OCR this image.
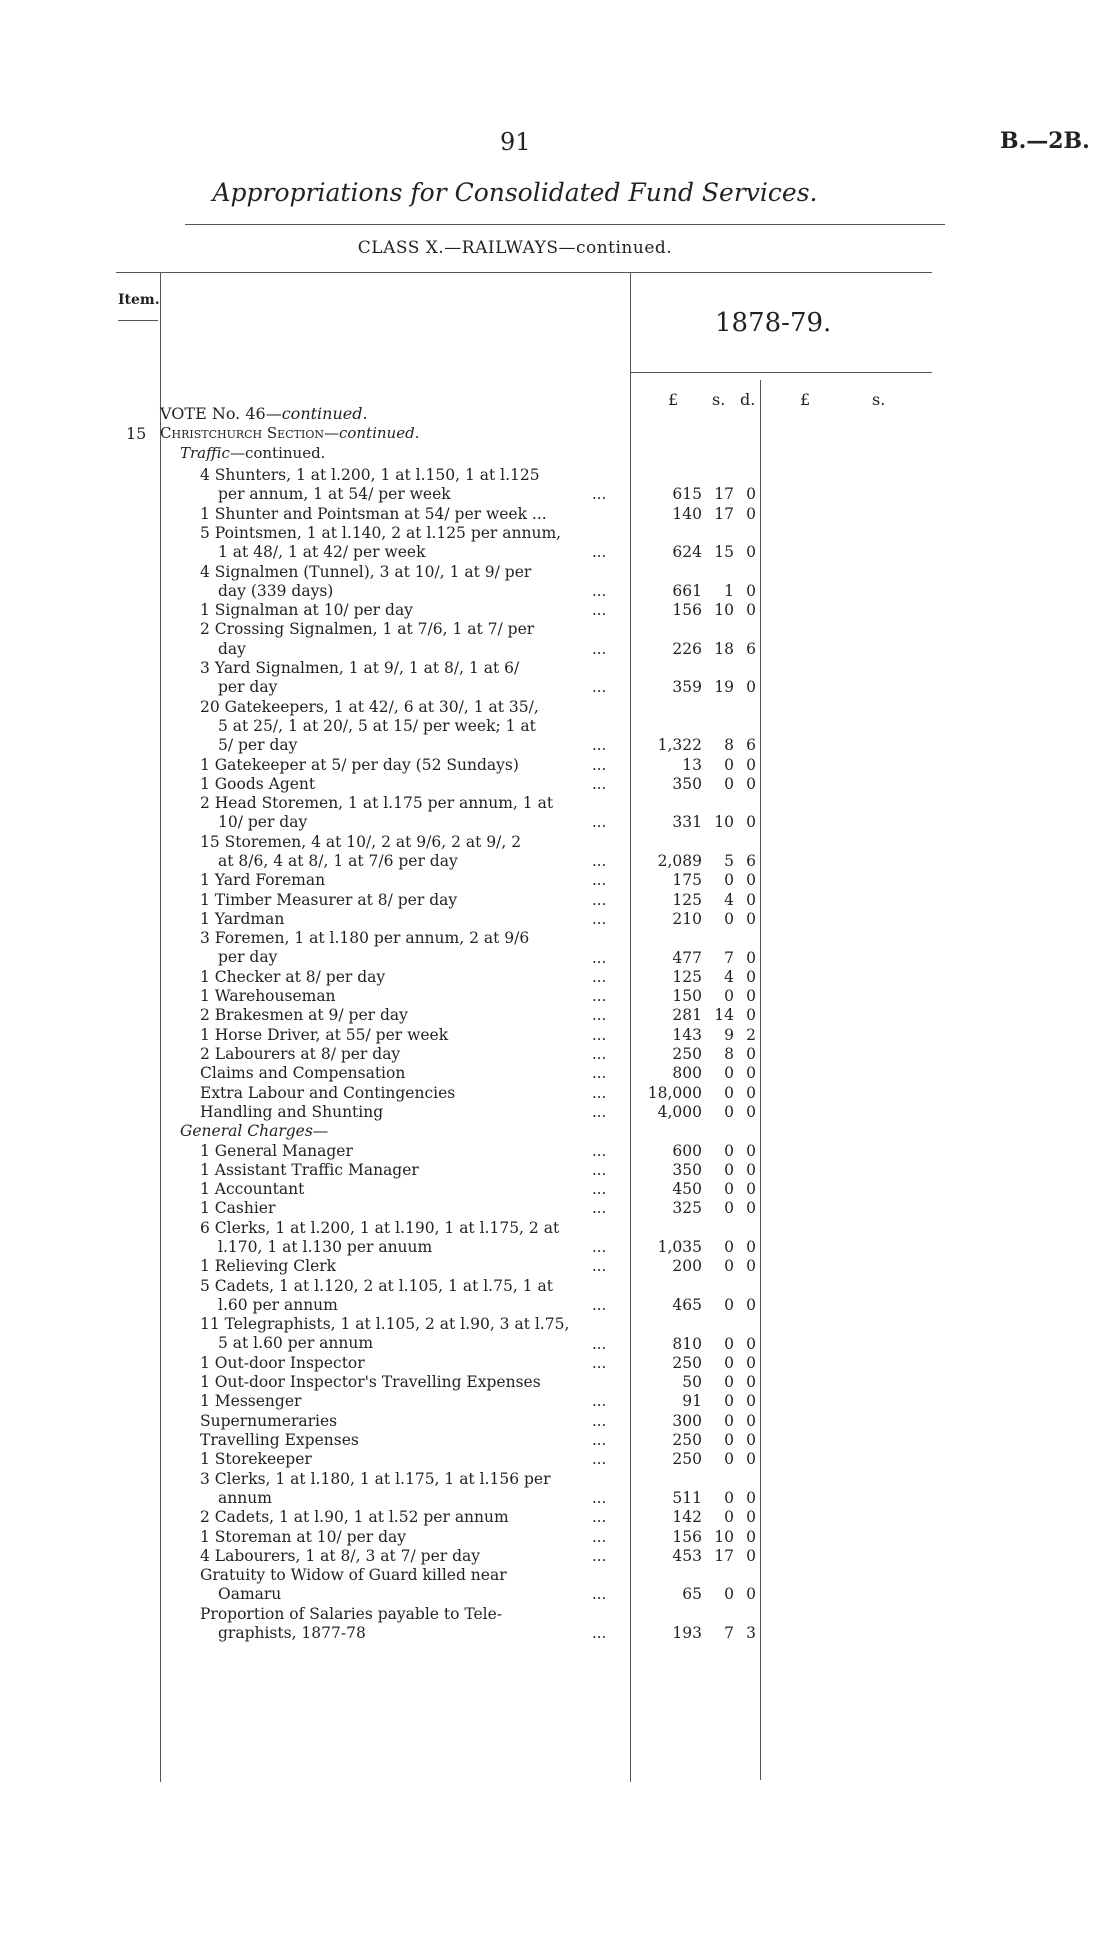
91	B.—2B.
Appropriations for Consolidated Fund Services.
CLASS X.—RAILWAYS—continued.
Item.
1878-79.
£ s. d.	£	s.
VOTE No. 46—continued.
15 Christchurch Section—continued.
Traffic—continued.
4 Shunters, 1 at l.200, 1 at l.150, 1 at l.125
per annum, 1 at 54/ per week	...	615 17 0
1 Shunter and Pointsman at 54/ per week ...	140 17 0
5 Pointsmen, 1 at l.140, 2 at l.125 per annum,
1 at 48/, 1 at 42/ per week	...	624 15 0
4 Signalmen (Tunnel), 3 at 10/, 1 at 9/ per
day (339 days)	...	661	1 0
1 Signalman at 10/ per day	...	156 10 0
2 Crossing Signalmen, 1 at 7/6, 1 at 7/ per
day	...	226 18 6
3 Yard Signalmen, 1 at 9/, 1 at 8/, 1 at 6/
per day	...	359 19 0
20 Gatekeepers, 1 at 42/, 6 at 30/, 1 at 35/,
5 at 25/, 1 at 20/, 5 at 15/ per week; 1 at
5/ per day	...	1,322	8 6
1 Gatekeeper at 5/ per day (52 Sundays)	...	13	0 0
1 Goods Agent	...	350	0 0
2 Head Storemen, 1 at l.175 per annum, 1 at
10/ per day	...	331 10 0
15 Storemen, 4 at 10/, 2 at 9/6, 2 at 9/, 2
at 8/6, 4 at 8/, 1 at 7/6 per day	...	2,089	5 6
1 Yard Foreman	...	175	0 0
1 Timber Measurer at 8/ per day	...	125	4 0
1 Yardman	...	210	0 0
3 Foremen, 1 at l.180 per annum, 2 at 9/6
per day	...	477	7 0
1 Checker at 8/ per day	...	125	4 0
1 Warehouseman	...	150	0 0
2 Brakesmen at 9/ per day	...	281 14 0
1 Horse Driver, at 55/ per week	...	143	9 2
2 Labourers at 8/ per day	...	250	8 0
Claims and Compensation	...	800	0 0
Extra Labour and Contingencies	...	18,000	0 0
Handling and Shunting	...	4,000	0 0
General Charges—
1 General Manager	...	600	0 0
1 Assistant Traffic Manager	...	350	0 0
1 Accountant	...	450	0 0
1 Cashier	...	325	0 0
6 Clerks, 1 at l.200, 1 at l.190, 1 at l.175, 2 at
l.170, 1 at l.130 per anuum	...	1,035	0 0
1 Relieving Clerk	...	200	0 0
5 Cadets, 1 at l.120, 2 at l.105, 1 at l.75, 1 at
l.60 per annum	...	465	0 0
11 Telegraphists, 1 at l.105, 2 at l.90, 3 at l.75,
5 at l.60 per annum	...	810	0 0
1 Out-door Inspector	...	250	0 0
1 Out-door Inspector's Travelling Expenses	50	0 0
1 Messenger	...	91	0 0
Supernumeraries	...	300	0 0
Travelling Expenses	...	250	0 0
1 Storekeeper	...	250	0 0
3 Clerks, 1 at l.180, 1 at l.175, 1 at l.156 per
annum	...	511	0 0
2 Cadets, 1 at l.90, 1 at l.52 per annum	...	142	0 0
1 Storeman at 10/ per day	...	156 10 0
4 Labourers, 1 at 8/, 3 at 7/ per day	...	453 17 0
Gratuity to Widow of Guard killed near
Oamaru	...	65	0 0
Proportion of Salaries payable to Tele-
graphists, 1877-78	...	193	7 3
